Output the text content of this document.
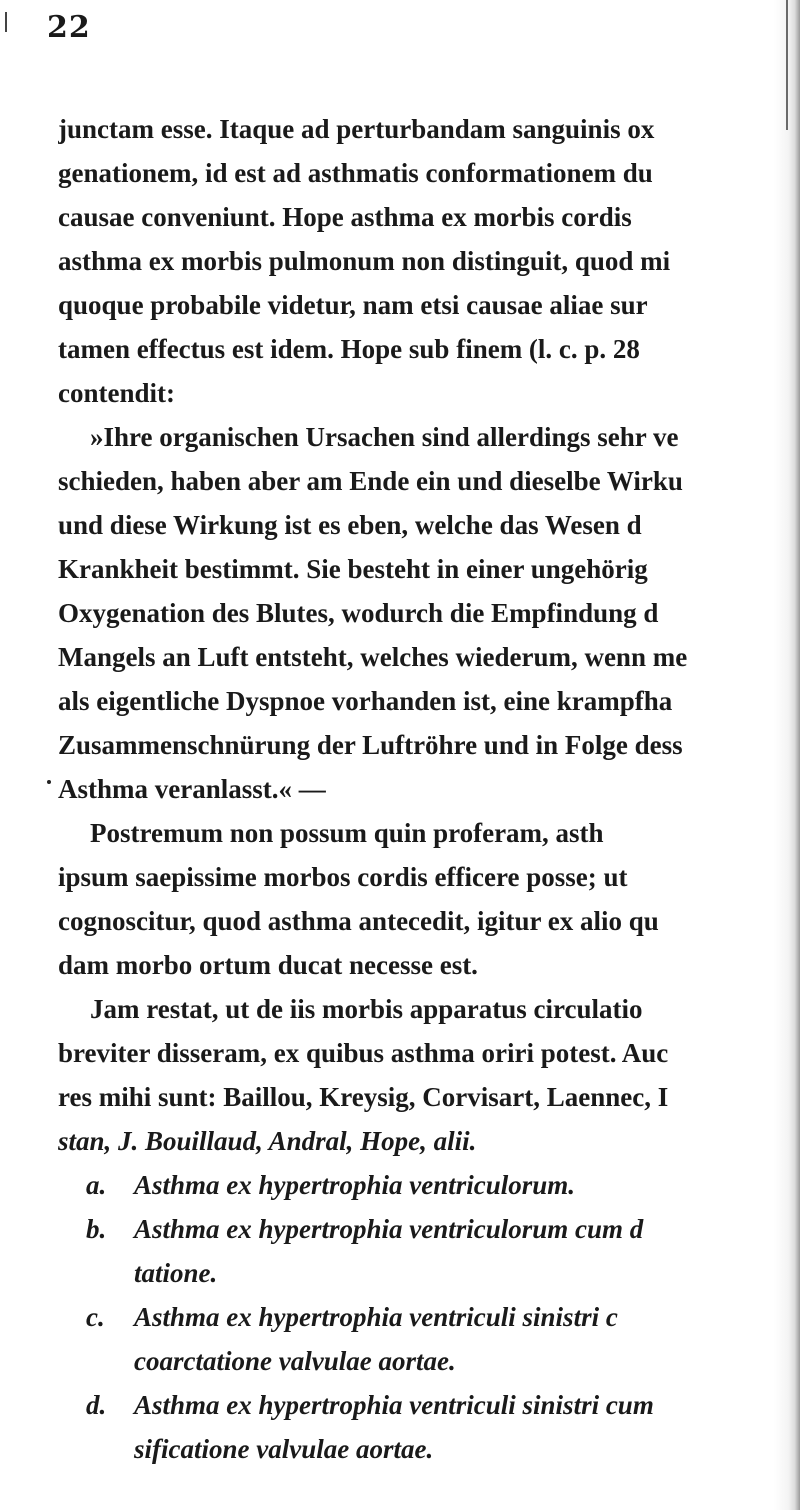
22
junctam esse. Itaque ad perturbandam sanguinis ox
genationem, id est ad asthmatis conformationem du
causae conveniunt. Hope asthma ex morbis cordis
asthma ex morbis pulmonum non distinguit, quod mi
quoque probabile videtur, nam etsi causae aliae sur
tamen effectus est idem. Hope sub finem (l. c. p. 28
contendit:
»Ihre organischen Ursachen sind allerdings sehr ve
schieden, haben aber am Ende ein und dieselbe Wirku
und diese Wirkung ist es eben, welche das Wesen d
Krankheit bestimmt. Sie besteht in einer ungehörig
Oxygenation des Blutes, wodurch die Empfindung d
Mangels an Luft entsteht, welches wiederum, wenn me
als eigentliche Dyspnoe vorhanden ist, eine krampfha
Zusammenschnürung der Luftröhre und in Folge dess
Asthma veranlasst.« —
Postremum non possum quin proferam, asth
ipsum saepissime morbos cordis efficere posse; ut
cognoscitur, quod asthma antecedit, igitur ex alio qu
dam morbo ortum ducat necesse est.
Jam restat, ut de iis morbis apparatus circulatio
breviter disseram, ex quibus asthma oriri potest. Auc
res mihi sunt: Baillou, Kreysig, Corvisart, Laennec, I
stan, J. Bouillaud, Andral, Hope, alii.
a.	Asthma ex hypertrophia ventriculorum.
b.	Asthma ex hypertrophia ventriculorum cum d
tatione.
c.	Asthma ex hypertrophia ventriculi sinistri c
coarctatione valvulae aortae.
d.	Asthma ex hypertrophia ventriculi sinistri cum
sificatione valvulae aortae.
